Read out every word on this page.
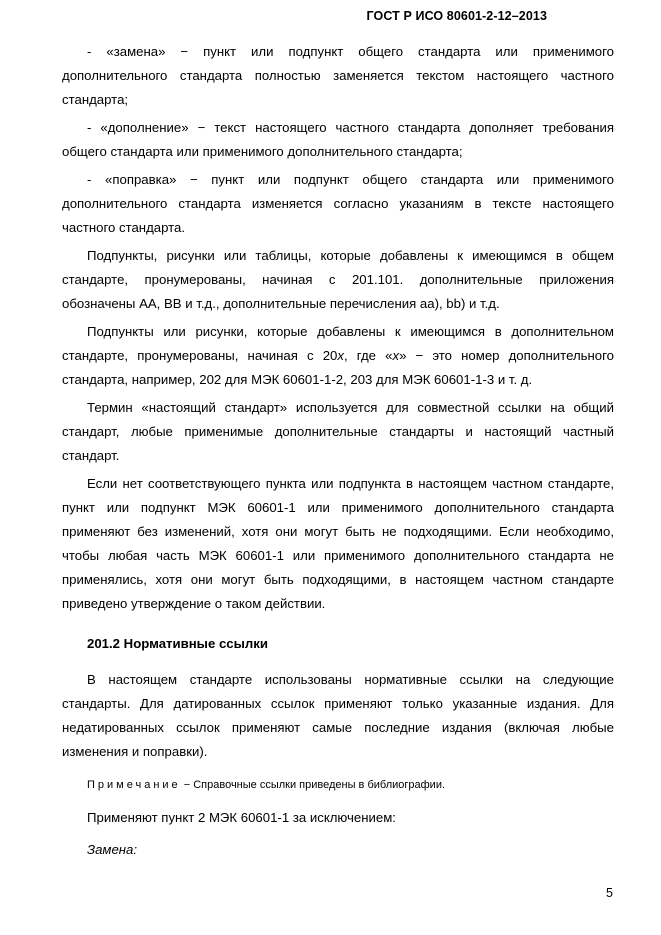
ГОСТ Р ИСО 80601-2-12–2013

- «замена» − пункт или подпункт общего стандарта или применимого дополнительного стандарта полностью заменяется текстом настоящего частного стандарта;

- «дополнение» − текст настоящего частного стандарта дополняет требования общего стандарта или применимого дополнительного стандарта;

- «поправка» − пункт или подпункт общего стандарта или применимого дополнительного стандарта изменяется согласно указаниям в тексте настоящего частного стандарта.

Подпункты, рисунки или таблицы, которые добавлены к имеющимся в общем стандарте, пронумерованы, начиная с 201.101. дополнительные приложения обозначены АА, ВВ и т.д., дополнительные перечисления аа), bb) и т.д.

Подпункты или рисунки, которые добавлены к имеющимся в дополнительном стандарте, пронумерованы, начиная с 20x, где «x» − это номер дополнительного стандарта, например, 202 для МЭК 60601-1-2, 203 для МЭК 60601-1-3 и т. д.

Термин «настоящий стандарт» используется для совместной ссылки на общий стандарт, любые применимые дополнительные стандарты и настоящий частный стандарт.

Если нет соответствующего пункта или подпункта в настоящем частном стандарте, пункт или подпункт МЭК 60601-1 или применимого дополнительного стандарта применяют без изменений, хотя они могут быть не подходящими. Если необходимо, чтобы любая часть МЭК 60601-1 или применимого дополнительного стандарта не применялись, хотя они могут быть подходящими, в настоящем частном стандарте приведено утверждение о таком действии.

201.2 Нормативные ссылки

В настоящем стандарте использованы нормативные ссылки на следующие стандарты. Для датированных ссылок применяют только указанные издания. Для недатированных ссылок применяют самые последние издания (включая любые изменения и поправки).

Примечание − Справочные ссылки приведены в библиографии.

Применяют пункт 2 МЭК 60601-1 за исключением:

Замена:

5
